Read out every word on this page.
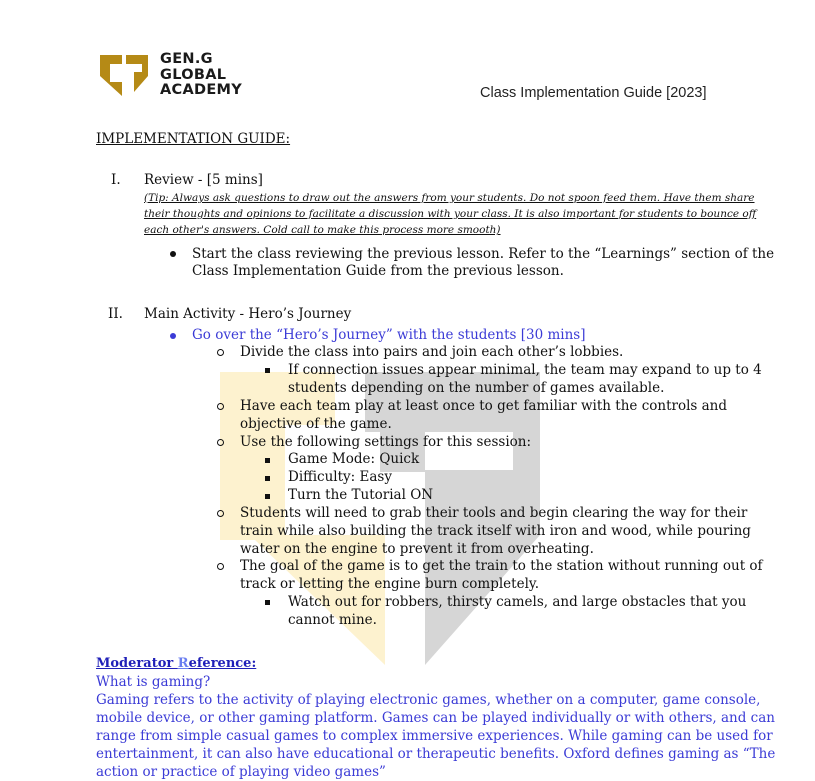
GEN.G
GLOBAL
ACADEMY	Class Implementation Guide [2023]
IMPLEMENTATION GUIDE:
I. Review - [5 mins]
(Tip: Always ask questions to draw out the answers from your students. Do not spoon feed them. Have them share
their thoughts and opinions to facilitate a discussion with your class. It is also important for students to bounce off
each other's answers. Cold call to make this process more smooth)
Start the class reviewing the previous lesson. Refer to the “Learnings” section of the
Class Implementation Guide from the previous lesson.
II. Main Activity - Hero’s Journey
Go over the “Hero’s Journey” with the students [30 mins]
Divide the class into pairs and join each other’s lobbies.
If connection issues appear minimal, the team may expand to up to 4
students depending on the number of games available.
Have each team play at least once to get familiar with the controls and
objective of the game.
Use the following settings for this session:
Game Mode: Quick
Difficulty: Easy
Turn the Tutorial ON
Students will need to grab their tools and begin clearing the way for their
train while also building the track itself with iron and wood, while pouring
water on the engine to prevent it from overheating.
The goal of the game is to get the train to the station without running out of
track or letting the engine burn completely.
Watch out for robbers, thirsty camels, and large obstacles that you
cannot mine.
Moderator Reference:
What is gaming?
Gaming refers to the activity of playing electronic games, whether on a computer, game console,
mobile device, or other gaming platform. Games can be played individually or with others, and can
range from simple casual games to complex immersive experiences. While gaming can be used for
entertainment, it can also have educational or therapeutic benefits. Oxford defines gaming as “The
action or practice of playing video games”
